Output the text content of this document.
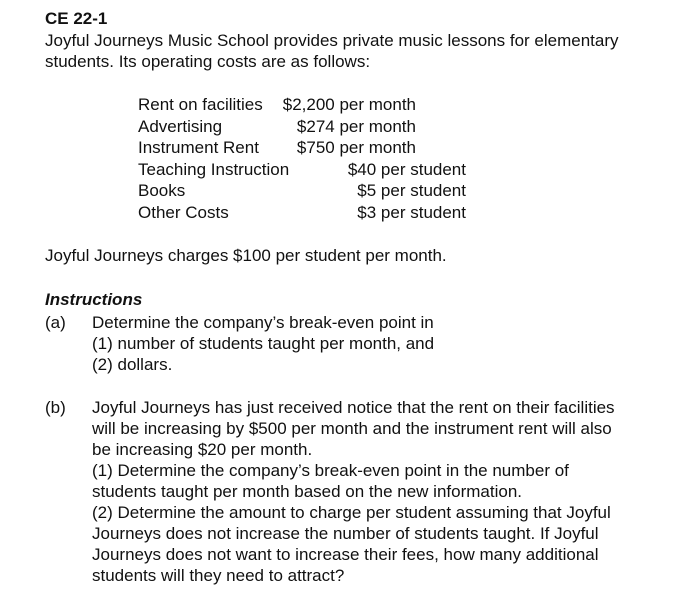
CE 22-1
Joyful Journeys Music School provides private music lessons for elementary students. Its operating costs are as follows:
Rent on facilities $2,200 per month
Advertising	$274 per month
Instrument Rent $750 per month
Teaching Instruction	$40 per student
Books	$5 per student
Other Costs	$3 per student
Joyful Journeys charges $100 per student per month.
Instructions
(a) Determine the company’s break-even point in
(1) number of students taught per month, and
(2) dollars.
(b) Joyful Journeys has just received notice that the rent on their facilities
will be increasing by $500 per month and the instrument rent will also
be increasing $20 per month.
(1) Determine the company’s break-even point in the number of
students taught per month based on the new information.
(2) Determine the amount to charge per student assuming that Joyful
Journeys does not increase the number of students taught. If Joyful
Journeys does not want to increase their fees, how many additional
students will they need to attract?
